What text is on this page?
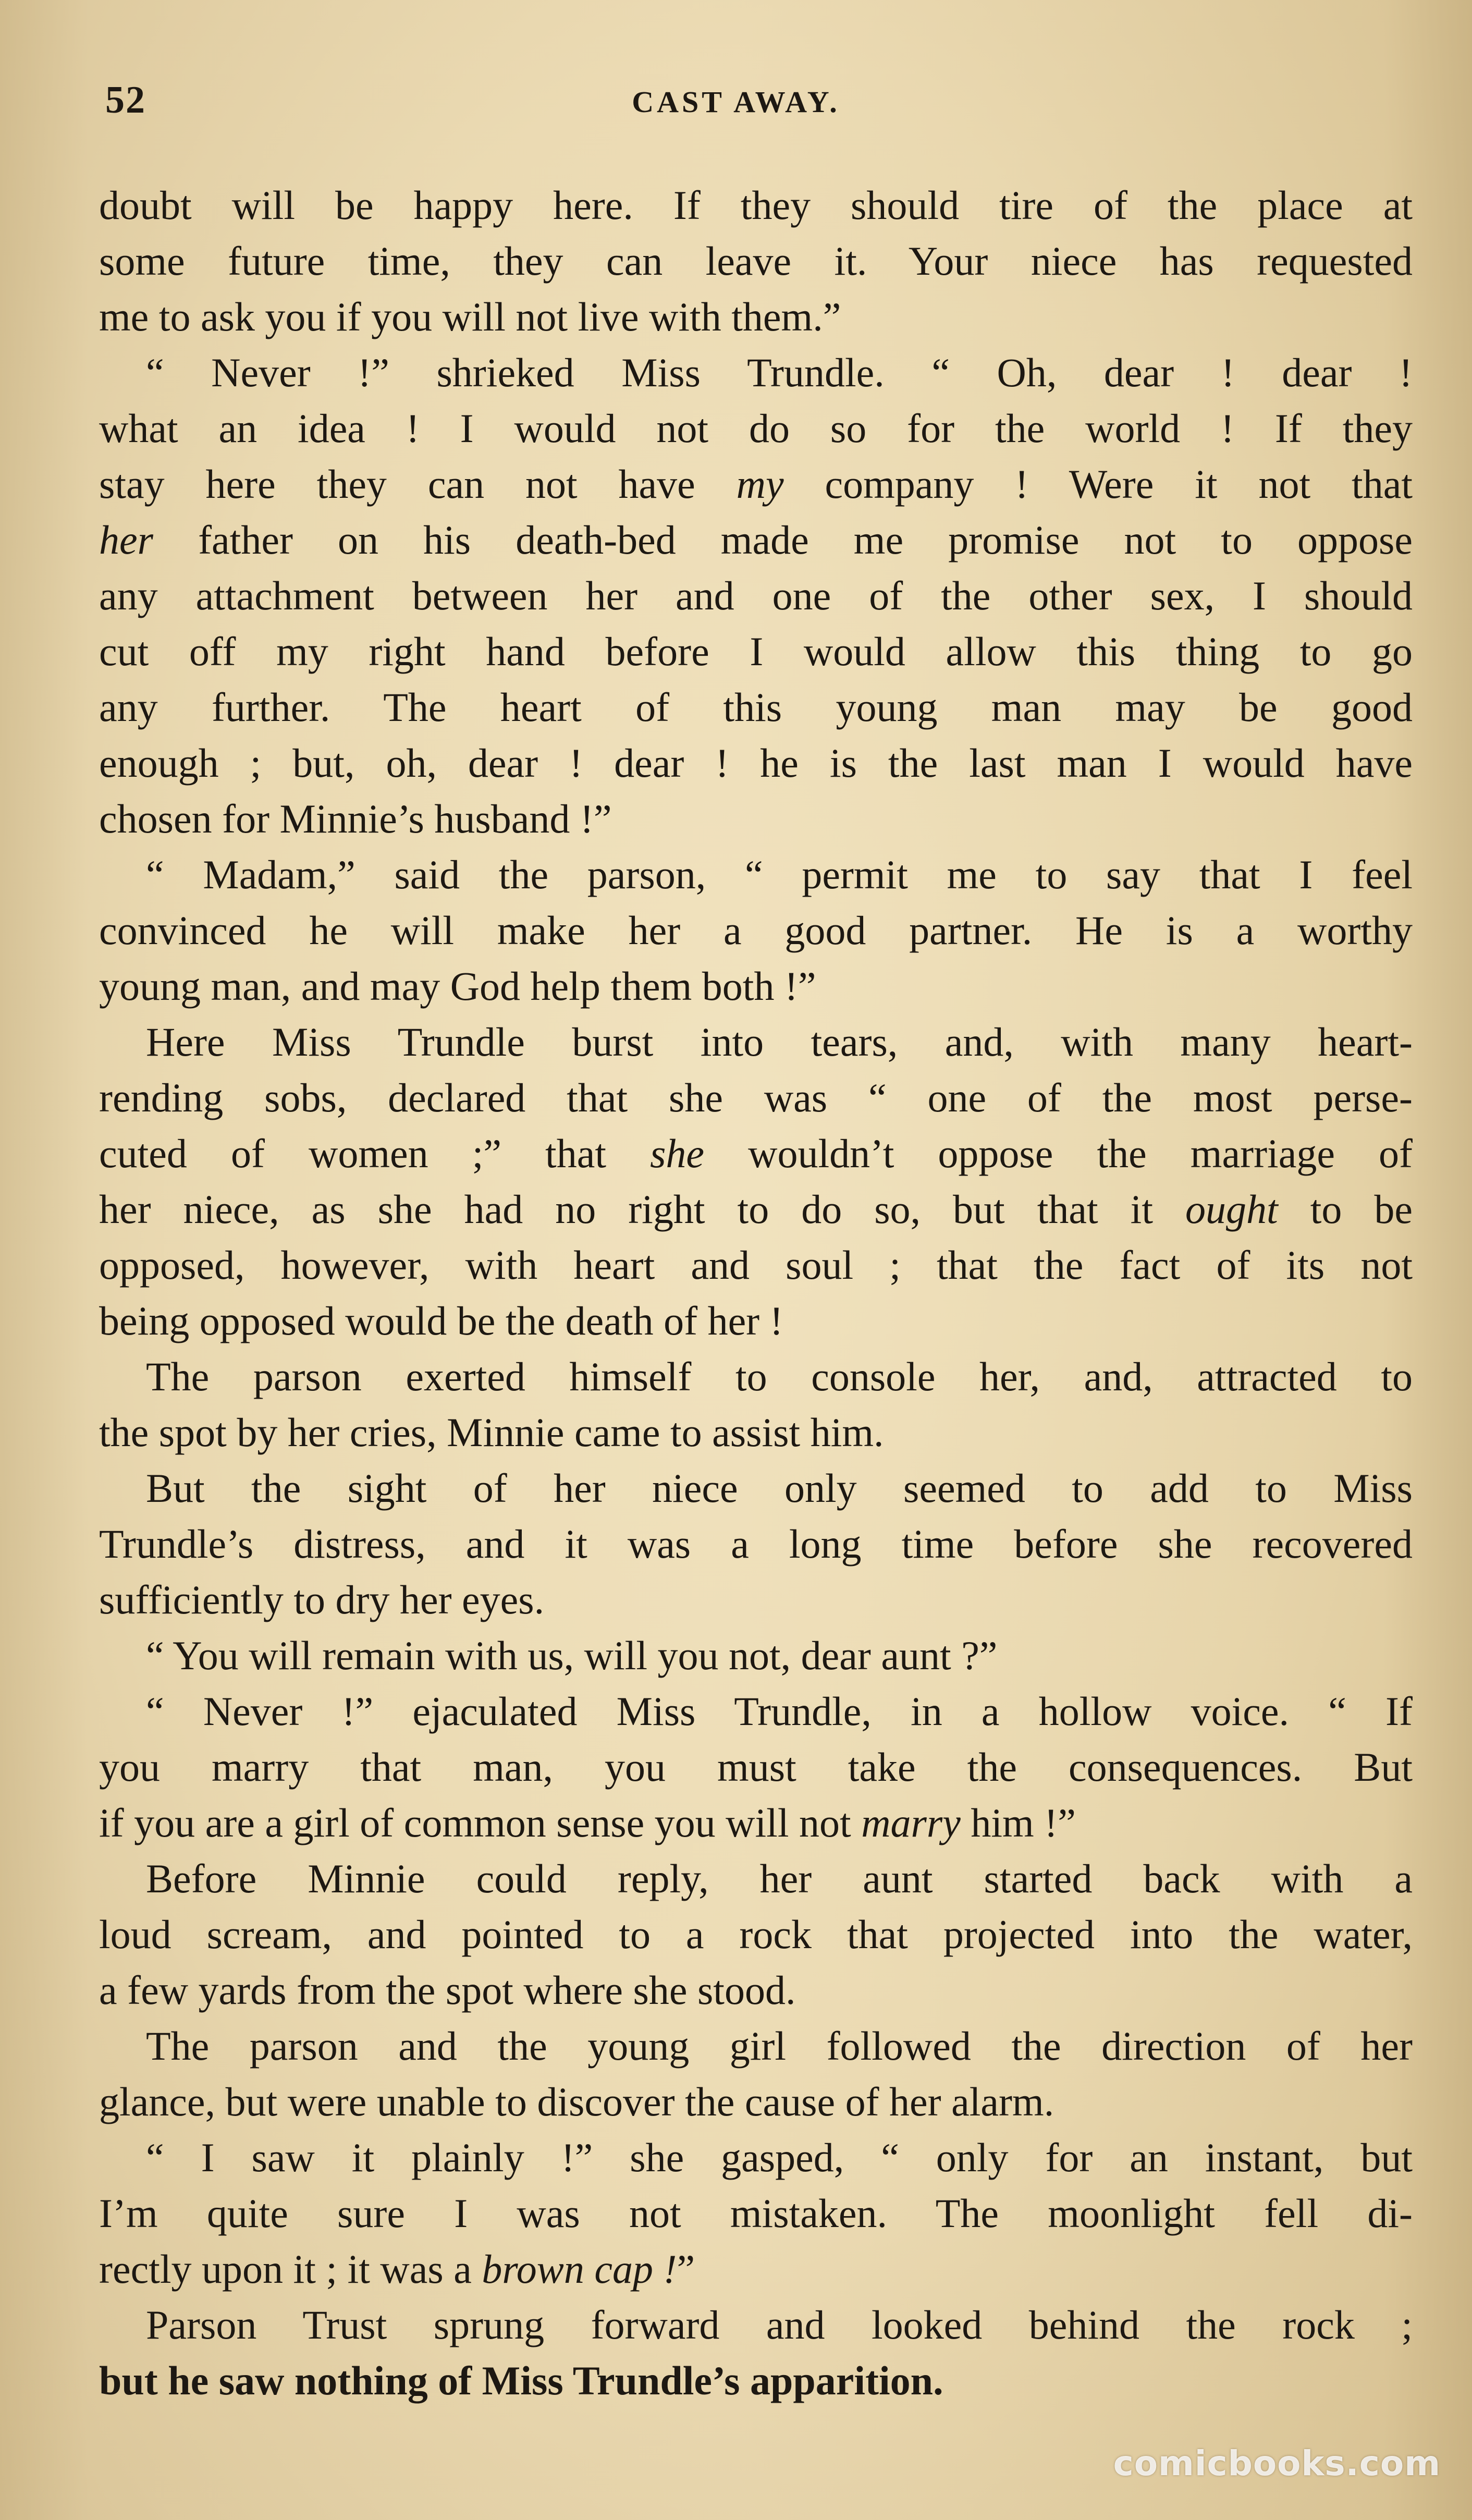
52	CAST AWAY.
doubt will be happy here. If they should tire of the place at
some future time, they can leave it. Your niece has requested
me to ask you if you will not live with them.”
“ Never !” shrieked Miss Trundle. “ Oh, dear ! dear !
what an idea ! I would not do so for the world ! If they
stay here they can not have my company ! Were it not that
her father on his death-bed made me promise not to oppose
any attachment between her and one of the other sex, I should
cut off my right hand before I would allow this thing to go
any further. The heart of this young man may be good
enough ; but, oh, dear ! dear ! he is the last man I would have
chosen for Minnie’s husband !”
“ Madam,” said the parson, “ permit me to say that I feel
convinced he will make her a good partner. He is a worthy
young man, and may God help them both !”
Here Miss Trundle burst into tears, and, with many heart-
rending sobs, declared that she was “ one of the most perse-
cuted of women ;” that she wouldn’t oppose the marriage of
her niece, as she had no right to do so, but that it ought to be
opposed, however, with heart and soul ; that the fact of its not
being opposed would be the death of her !
The parson exerted himself to console her, and, attracted to
the spot by her cries, Minnie came to assist him.
But the sight of her niece only seemed to add to Miss
Trundle’s distress, and it was a long time before she recovered
sufficiently to dry her eyes.
“ You will remain with us, will you not, dear aunt ?”
“ Never !” ejaculated Miss Trundle, in a hollow voice. “ If
you marry that man, you must take the consequences. But
if you are a girl of common sense you will not marry him !”
Before Minnie could reply, her aunt started back with a
loud scream, and pointed to a rock that projected into the water,
a few yards from the spot where she stood.
The parson and the young girl followed the direction of her
glance, but were unable to discover the cause of her alarm.
“ I saw it plainly !” she gasped, “ only for an instant, but
I’m quite sure I was not mistaken. The moonlight fell di-
rectly upon it ; it was a brown cap !”
Parson Trust sprung forward and looked behind the rock ;
but he saw nothing of Miss Trundle’s apparition.
comicbooks.com
